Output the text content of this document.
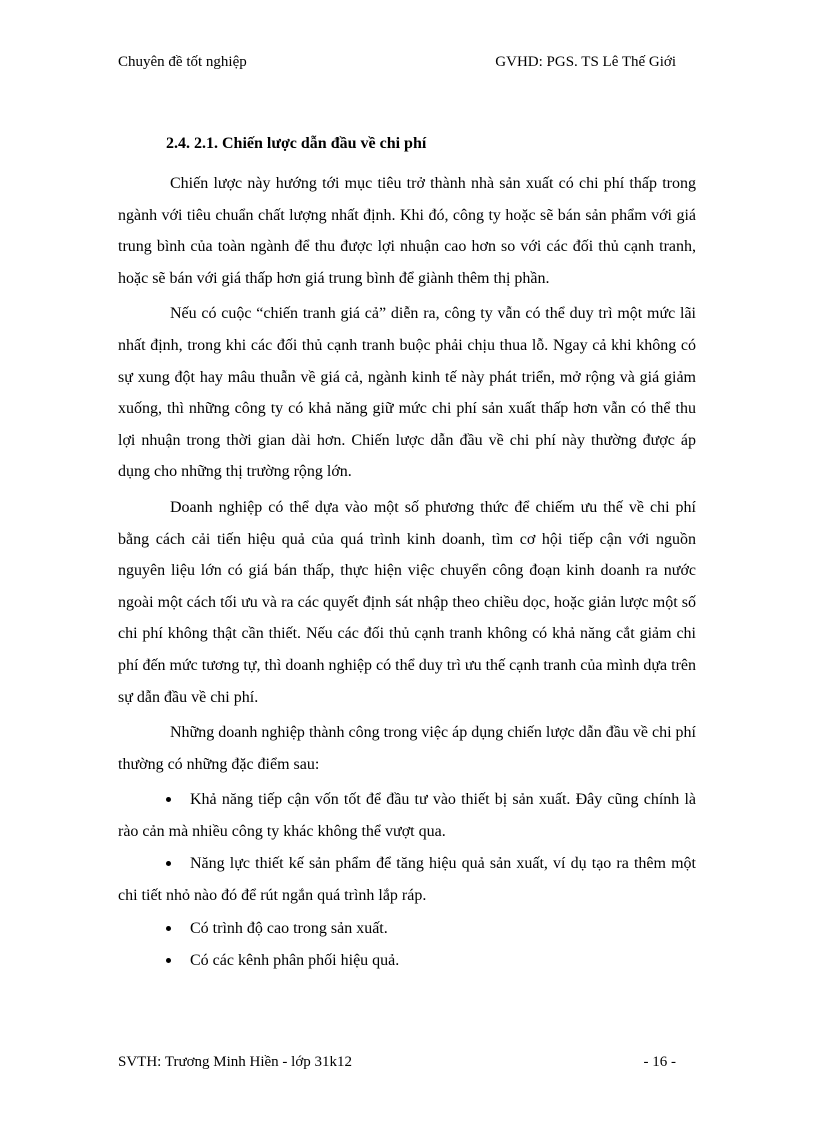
Chuyên đề tốt nghiệp	GVHD: PGS. TS Lê Thế Giới

2.4. 2.1. Chiến lược dẫn đầu về chi phí

Chiến lược này hướng tới mục tiêu trở thành nhà sản xuất có chi phí thấp trong ngành với tiêu chuẩn chất lượng nhất định. Khi đó, công ty hoặc sẽ bán sản phẩm với giá trung bình của toàn ngành để thu được lợi nhuận cao hơn so với các đối thủ cạnh tranh, hoặc sẽ bán với giá thấp hơn giá trung bình để giành thêm thị phần.

Nếu có cuộc “chiến tranh giá cả” diễn ra, công ty vẫn có thể duy trì một mức lãi nhất định, trong khi các đối thủ cạnh tranh buộc phải chịu thua lỗ. Ngay cả khi không có sự xung đột hay mâu thuẫn về giá cả, ngành kinh tế này phát triển, mở rộng và giá giảm xuống, thì những công ty có khả năng giữ mức chi phí sản xuất thấp hơn vẫn có thể thu lợi nhuận trong thời gian dài hơn. Chiến lược dẫn đầu về chi phí này thường được áp dụng cho những thị trường rộng lớn.

Doanh nghiệp có thể dựa vào một số phương thức để chiếm ưu thế về chi phí bằng cách cải tiến hiệu quả của quá trình kinh doanh, tìm cơ hội tiếp cận với nguồn nguyên liệu lớn có giá bán thấp, thực hiện việc chuyển công đoạn kinh doanh ra nước ngoài một cách tối ưu và ra các quyết định sát nhập theo chiều dọc, hoặc giản lược một số chi phí không thật cần thiết. Nếu các đối thủ cạnh tranh không có khả năng cắt giảm chi phí đến mức tương tự, thì doanh nghiệp có thể duy trì ưu thế cạnh tranh của mình dựa trên sự dẫn đầu về chi phí.

Những doanh nghiệp thành công trong việc áp dụng chiến lược dẫn đầu về chi phí thường có những đặc điểm sau:

Khả năng tiếp cận vốn tốt để đầu tư vào thiết bị sản xuất. Đây cũng chính là rào cản mà nhiều công ty khác không thể vượt qua.
Năng lực thiết kế sản phẩm để tăng hiệu quả sản xuất, ví dụ tạo ra thêm một chi tiết nhỏ nào đó để rút ngắn quá trình lắp ráp.
Có trình độ cao trong sản xuất.
Có các kênh phân phối hiệu quả.
SVTH: Trương Minh Hiền - lớp 31k12	- 16 -
